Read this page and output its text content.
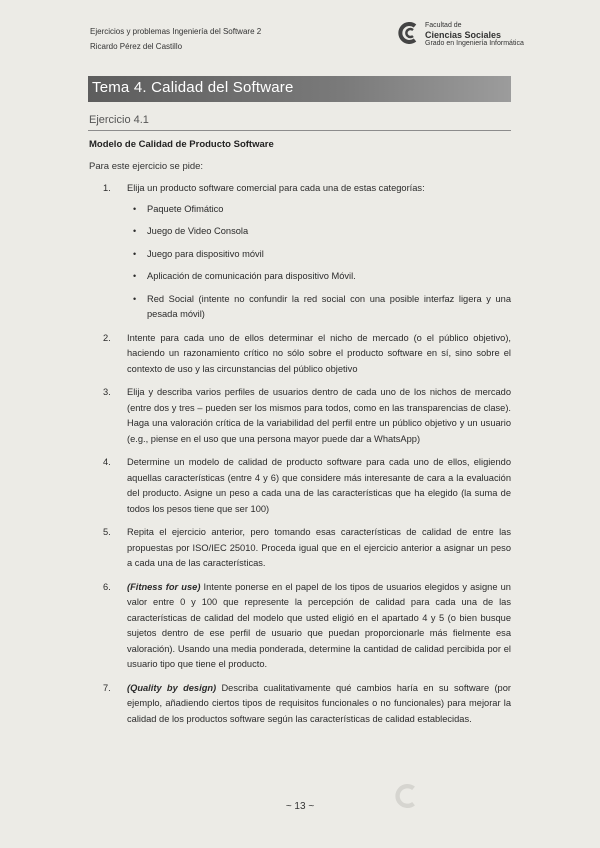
Ejercicios y problemas Ingeniería del Software 2
Ricardo Pérez del Castillo
Facultad de
Ciencias Sociales
Grado en Ingeniería Informática
Tema 4. Calidad del Software
Ejercicio 4.1
Modelo de Calidad de Producto Software
Para este ejercicio se pide:
1. Elija un producto software comercial para cada una de estas categorías:
• Paquete Ofimático
• Juego de Video Consola
• Juego para dispositivo móvil
• Aplicación de comunicación para dispositivo Móvil.
• Red Social (intente no confundir la red social con una posible interfaz ligera y una pesada móvil)
2. Intente para cada uno de ellos determinar el nicho de mercado (o el público objetivo), haciendo un razonamiento crítico no sólo sobre el producto software en sí, sino sobre el contexto de uso y las circunstancias del público objetivo
3. Elija y describa varios perfiles de usuarios dentro de cada uno de los nichos de mercado (entre dos y tres – pueden ser los mismos para todos, como en las transparencias de clase). Haga una valoración crítica de la variabilidad del perfil entre un público objetivo y un usuario (e.g., piense en el uso que una persona mayor puede dar a WhatsApp)
4. Determine un modelo de calidad de producto software para cada uno de ellos, eligiendo aquellas características (entre 4 y 6) que considere más interesante de cara a la evaluación del producto. Asigne un peso a cada una de las características que ha elegido (la suma de todos los pesos tiene que ser 100)
5. Repita el ejercicio anterior, pero tomando esas características de calidad de entre las propuestas por ISO/IEC 25010. Proceda igual que en el ejercicio anterior a asignar un peso a cada una de las características.
6. (Fitness for use) Intente ponerse en el papel de los tipos de usuarios elegidos y asigne un valor entre 0 y 100 que represente la percepción de calidad para cada una de las características de calidad del modelo que usted eligió en el apartado 4 y 5 (o bien busque sujetos dentro de ese perfil de usuario que puedan proporcionarle más fielmente esa valoración). Usando una media ponderada, determine la cantidad de calidad percibida por el usuario tipo que tiene el producto.
7. (Quality by design) Describa cualitativamente qué cambios haría en su software (por ejemplo, añadiendo ciertos tipos de requisitos funcionales o no funcionales) para mejorar la calidad de los productos software según las características de calidad establecidas.
~ 13 ~
